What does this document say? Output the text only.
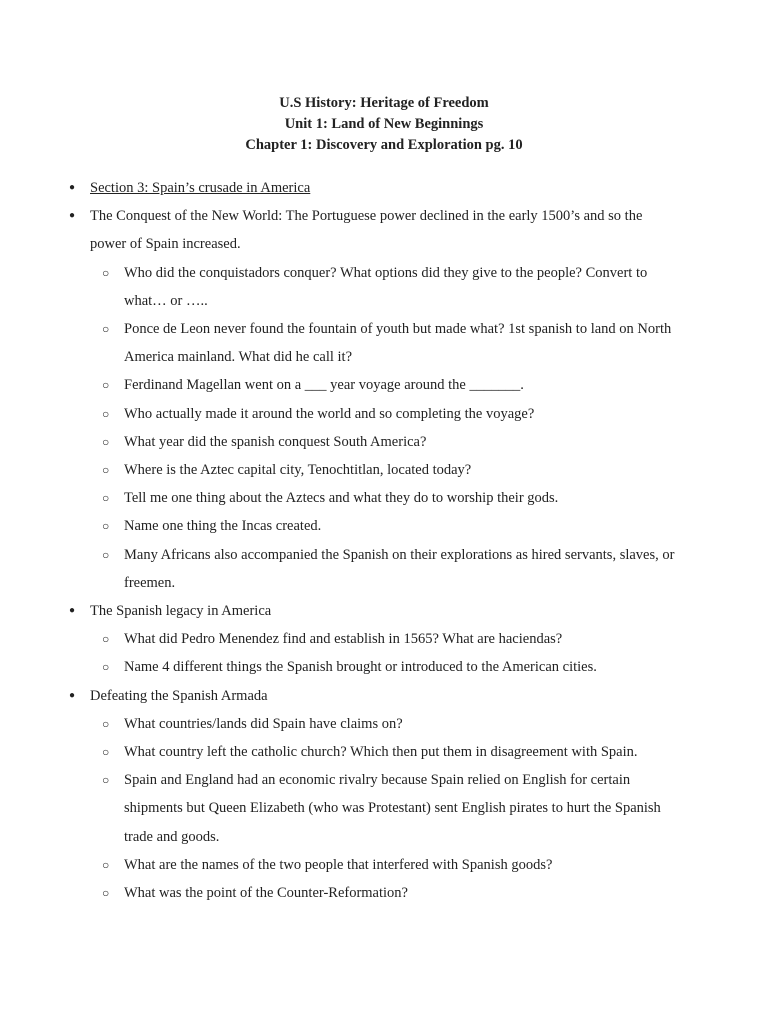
U.S History: Heritage of Freedom
Unit 1: Land of New Beginnings
Chapter 1: Discovery and Exploration pg. 10
● Section 3: Spain’s crusade in America
● The Conquest of the New World: The Portuguese power declined in the early 1500’s and so the power of Spain increased.
○ Who did the conquistadors conquer? What options did they give to the people? Convert to what… or …..
○ Ponce de Leon never found the fountain of youth but made what? 1st spanish to land on North America mainland. What did he call it?
○ Ferdinand Magellan went on a ___ year voyage around the _______.
○ Who actually made it around the world and so completing the voyage?
○ What year did the spanish conquest South America?
○ Where is the Aztec capital city, Tenochtitlan, located today?
○ Tell me one thing about the Aztecs and what they do to worship their gods.
○ Name one thing the Incas created.
○ Many Africans also accompanied the Spanish on their explorations as hired servants, slaves, or freemen.
● The Spanish legacy in America
○ What did Pedro Menendez find and establish in 1565? What are haciendas?
○ Name 4 different things the Spanish brought or introduced to the American cities.
● Defeating the Spanish Armada
○ What countries/lands did Spain have claims on?
○ What country left the catholic church? Which then put them in disagreement with Spain.
○ Spain and England had an economic rivalry because Spain relied on English for certain shipments but Queen Elizabeth (who was Protestant) sent English pirates to hurt the Spanish trade and goods.
○ What are the names of the two people that interfered with Spanish goods?
○ What was the point of the Counter-Reformation?
